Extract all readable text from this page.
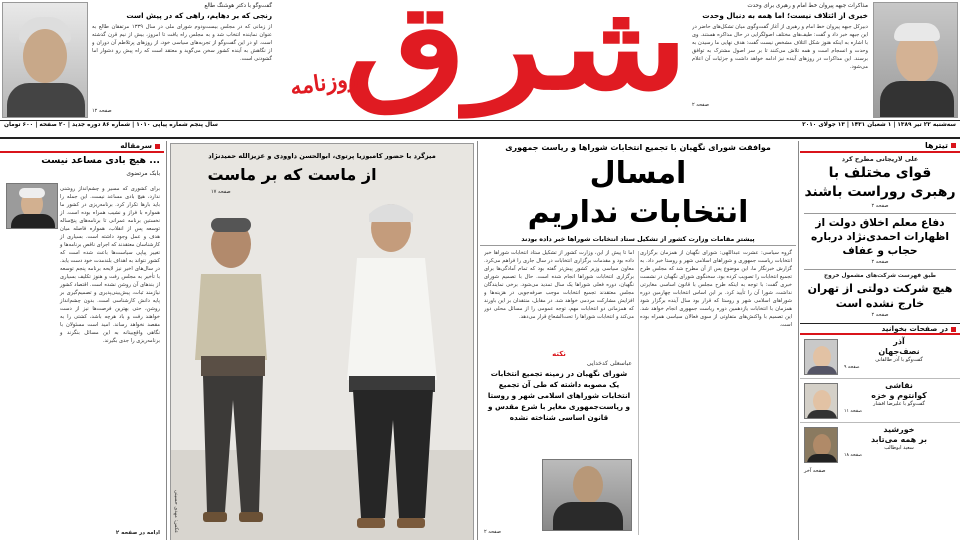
مذاکرات جبهه پیروان خط امام و رهبری برای وحدت
خبری از ائتلاف نیست؛ اما همه به دنبال وحدت
دبیرکل جبهه پیروان خط امام و رهبری از آغاز گفت‌وگوی میان تشکل‌های حاضر در این جبهه خبر داد و گفت: طیف‌های مختلف اصولگرایی در حال مذاکره هستند. وی با اشاره به اینکه هنوز شکل ائتلاف مشخص نیست گفت: هدف نهایی ما رسیدن به وحدت و انسجام است و همه تلاش می‌کنند تا بر سر اصول مشترک به توافق برسند. این مذاکرات در روزهای آینده نیز ادامه خواهد داشت و جزئیات آن اعلام می‌شود.
صفحه ۲
شرق
روزنامه
گفت‌وگو با دکتر هوشنگ طالع
رنجی که بر دهایم، راهی که در پیش است
از زمانی که در مجلس بیست‌ودوم شورای ملی در سال ۱۳۳۹ مرتفقان طالع به عنوان نماینده انتخاب شد و به مجلس راه یافت تا امروز، بیش از نیم قرن گذشته است. او در این گفت‌وگو از تجربه‌های سیاسی خود، از روزهای پرتلاطم آن دوران و از نگاهش به آینده کشور سخن می‌گوید و معتقد است که راه پیش رو دشوار اما گشودنی است.
صفحه ۱۲
سه‌شنبه ۲۲ تیر ۱۳۸۹ | ۱ شعبان ۱۴۳۱ | ۱۳ جولای ۲۰۱۰
سال پنجم شماره پیاپی ۱۰۱۰ | شماره ۸۶ دوره جدید | ۲۰ صفحه | ۶۰۰ تومان
تیترها
علی لاریجانی مطرح کرد
قوای مختلف با رهبری روراست باشند
صفحه ۲
دفاع معلم اخلاق دولت از اظهارات احمدی‌نژاد درباره حجاب و عفاف
صفحه ۲
طبق فهرست شرکت‌های مشمول خروج
هیچ شرکت دولتی از تهران خارج نشده است
صفحه ۲
در صفحات بخوانید
آذر
نصف‌جهان
گفت‌وگو با آذر طالقانی
صفحه ۹
نقاشی
کوانتوم و خزه
گفت‌وگو با علیرضا افشار
صفحه ۱۱
خورشید
بر همه می‌تابد
سعید ابوطالب
صفحه ۱۸
صفحه آخر
موافقت شورای نگهبان با تجمیع انتخابات شوراها و ریاست جمهوری
امسال
انتخابات نداریم
پیشتر مقامات وزارت کشور از تشکیل ستاد انتخابات شوراها خبر داده بودند
گروه سیاسی: عشرت عبداللهی: شورای نگهبان از همزمان برگزاری انتخابات ریاست جمهوری و شوراهای اسلامی شهر و روستا خبر داد. به گزارش خبرنگار ما، این موضوع پس از آن مطرح شد که مجلس طرح تجمیع انتخابات را تصویب کرده بود. سخنگوی شورای نگهبان در نشست خبری گفت: با توجه به اینکه طرح مجلس با قانون اساسی مغایرتی نداشت، شورا آن را تأیید کرد. بر این اساس انتخابات چهارمین دوره شوراهای اسلامی شهر و روستا که قرار بود سال آینده برگزار شود همزمان با انتخابات یازدهمین دوره ریاست جمهوری انجام خواهد شد. این تصمیم با واکنش‌های متفاوتی از سوی فعالان سیاسی همراه بوده است.
اما تا پیش از این، وزارت کشور از تشکیل ستاد انتخابات شوراها خبر داده بود و مقدمات برگزاری انتخابات در سال جاری را فراهم می‌کرد. معاون سیاسی وزیر کشور پیش‌تر گفته بود که تمام آمادگی‌ها برای برگزاری انتخابات شوراها انجام شده است. حال با تصمیم شورای نگهبان، دوره فعلی شوراها یک سال تمدید می‌شود. برخی نمایندگان مجلس معتقدند تجمیع انتخابات موجب صرفه‌جویی در هزینه‌ها و افزایش مشارکت مردمی خواهد شد. در مقابل، منتقدان بر این باورند که همزمانی دو انتخابات مهم، توجه عمومی را از مسائل محلی دور می‌کند و انتخابات شوراها را تحت‌الشعاع قرار می‌دهد.
نکته
عباسعلی کدخدایی
شورای نگهبان در زمینه تجمیع انتخابات یک مصوبه داشته که طی آن تجمیع انتخابات شوراهای اسلامی شهر و روستا و ریاست‌جمهوری مغایر با شرع مقدس و قانون اساسی شناخته نشده
صفحه ۲
میزگرد با حضور کامبوزیا پرتوی، ابوالحسن داوودی و عزیزالله حمیدنژاد
از ماست که بر ماست
صفحه ۱۷
عکس: مهدی حسینی
سرمقاله
... هیچ بادی مساعد نیست
بابک مرتضوی
برای کشوری که مسیر و چشم‌انداز روشنی ندارد، هیچ بادی مساعد نیست. این جمله را باید بارها تکرار کرد. برنامه‌ریزی در کشور ما همواره با فراز و نشیب همراه بوده است. از نخستین برنامه عمرانی تا برنامه‌های پنج‌ساله توسعه پس از انقلاب، همواره فاصله میان هدف و عمل وجود داشته است. بسیاری از کارشناسان معتقدند که اجرای ناقص برنامه‌ها و تغییر پیاپی سیاست‌ها باعث شده است که کشور نتواند به اهداف بلندمدت خود دست یابد. در سال‌های اخیر نیز لایحه برنامه پنجم توسعه با تأخیر به مجلس رفت و هنوز تکلیف بسیاری از بندهای آن روشن نشده است. اقتصاد کشور نیازمند ثبات، پیش‌بینی‌پذیری و تصمیم‌گیری بر پایه دانش کارشناسی است. بدون چشم‌انداز روشن، حتی بهترین فرصت‌ها نیز از دست خواهند رفت و باد هرچه باشد، کشتی را به مقصد نخواهد رساند. امید است مسئولان با نگاهی واقع‌بینانه به این مسائل بنگرند و برنامه‌ریزی را جدی بگیرند.
ادامه در صفحه ۲
